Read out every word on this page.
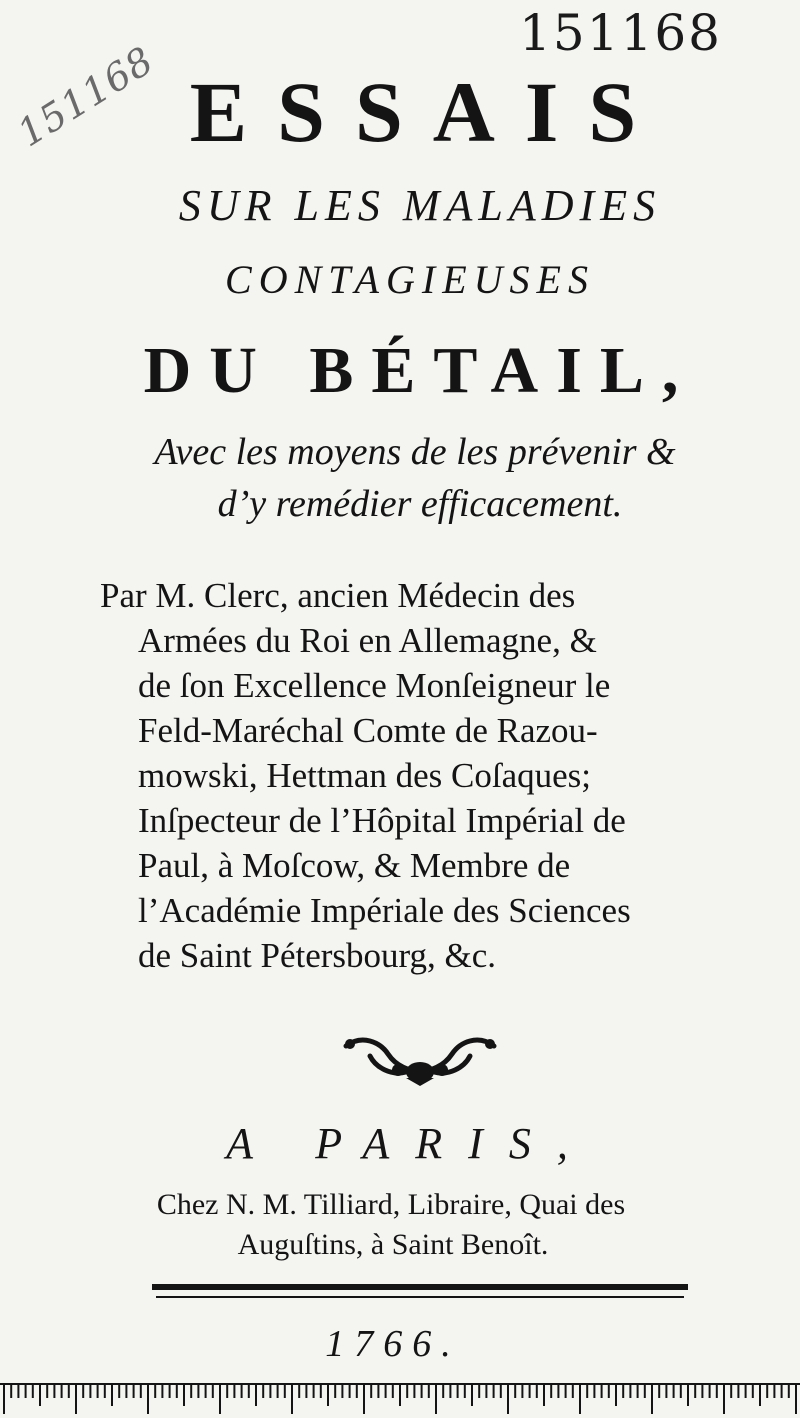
151168
151168 ESSAIS
SUR LES MALADIES
CONTAGIEUSES
DU BÉTAIL,
Avec les moyens de les prévenir &
d’y remédier efficacement.
Par M. Clerc, ancien Médecin des
Armées du Roi en Allemagne, &
de ſon Excellence Monſeigneur le
Feld-Maréchal Comte de Razou-
mowski, Hettman des Coſaques;
Inſpecteur de l’Hôpital Impérial de
Paul, à Moſcow, & Membre de
l’Académie Impériale des Sciences
de Saint Pétersbourg, &c.
A PARIS,
Chez N. M. Tilliard, Libraire, Quai des
Auguſtins, à Saint Benoît.
1766.
